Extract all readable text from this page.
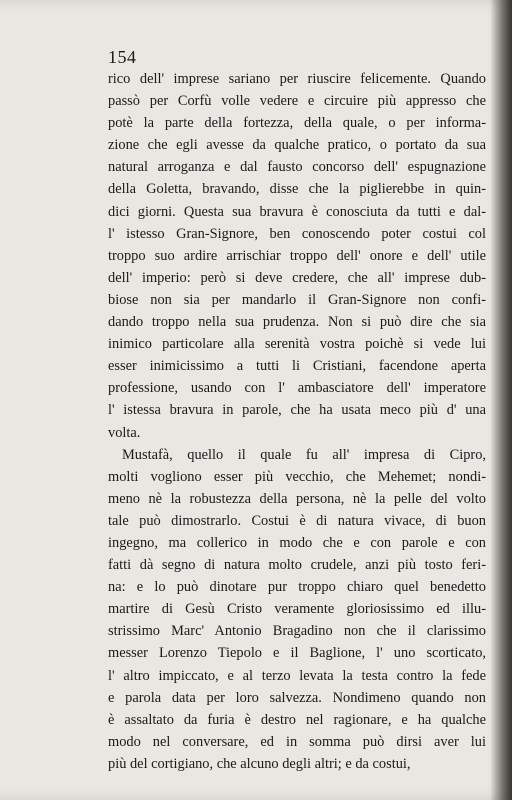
154
rico dell' imprese sariano per riuscire felicemente. Quando
passò per Corfù volle vedere e circuire più appresso che
potè la parte della fortezza, della quale, o per informa-
zione che egli avesse da qualche pratico, o portato da sua
natural arroganza e dal fausto concorso dell' espugnazione
della Goletta, bravando, disse che la piglierebbe in quin-
dici giorni. Questa sua bravura è conosciuta da tutti e dal-
l' istesso Gran-Signore, ben conoscendo poter costui col
troppo suo ardire arrischiar troppo dell' onore e dell' utile
dell' imperio: però si deve credere, che all' imprese dub-
biose non sia per mandarlo il Gran-Signore non confi-
dando troppo nella sua prudenza. Non si può dire che sia
inimico particolare alla serenità vostra poichè si vede lui
esser inimicissimo a tutti li Cristiani, facendone aperta
professione, usando con l' ambasciatore dell' imperatore
l' istessa bravura in parole, che ha usata meco più d' una
volta.
Mustafà, quello il quale fu all' impresa di Cipro,
molti vogliono esser più vecchio, che Mehemet; nondi-
meno nè la robustezza della persona, nè la pelle del volto
tale può dimostrarlo. Costui è di natura vivace, di buon
ingegno, ma collerico in modo che e con parole e con
fatti dà segno di natura molto crudele, anzi più tosto feri-
na: e lo può dinotare pur troppo chiaro quel benedetto
martire di Gesù Cristo veramente gloriosissimo ed illu-
strissimo Marc' Antonio Bragadino non che il clarissimo
messer Lorenzo Tiepolo e il Baglione, l' uno scorticato,
l' altro impiccato, e al terzo levata la testa contro la fede
e parola data per loro salvezza. Nondimeno quando non
è assaltato da furia è destro nel ragionare, e ha qualche
modo nel conversare, ed in somma può dirsi aver lui
più del cortigiano, che alcuno degli altri; e da costui,
